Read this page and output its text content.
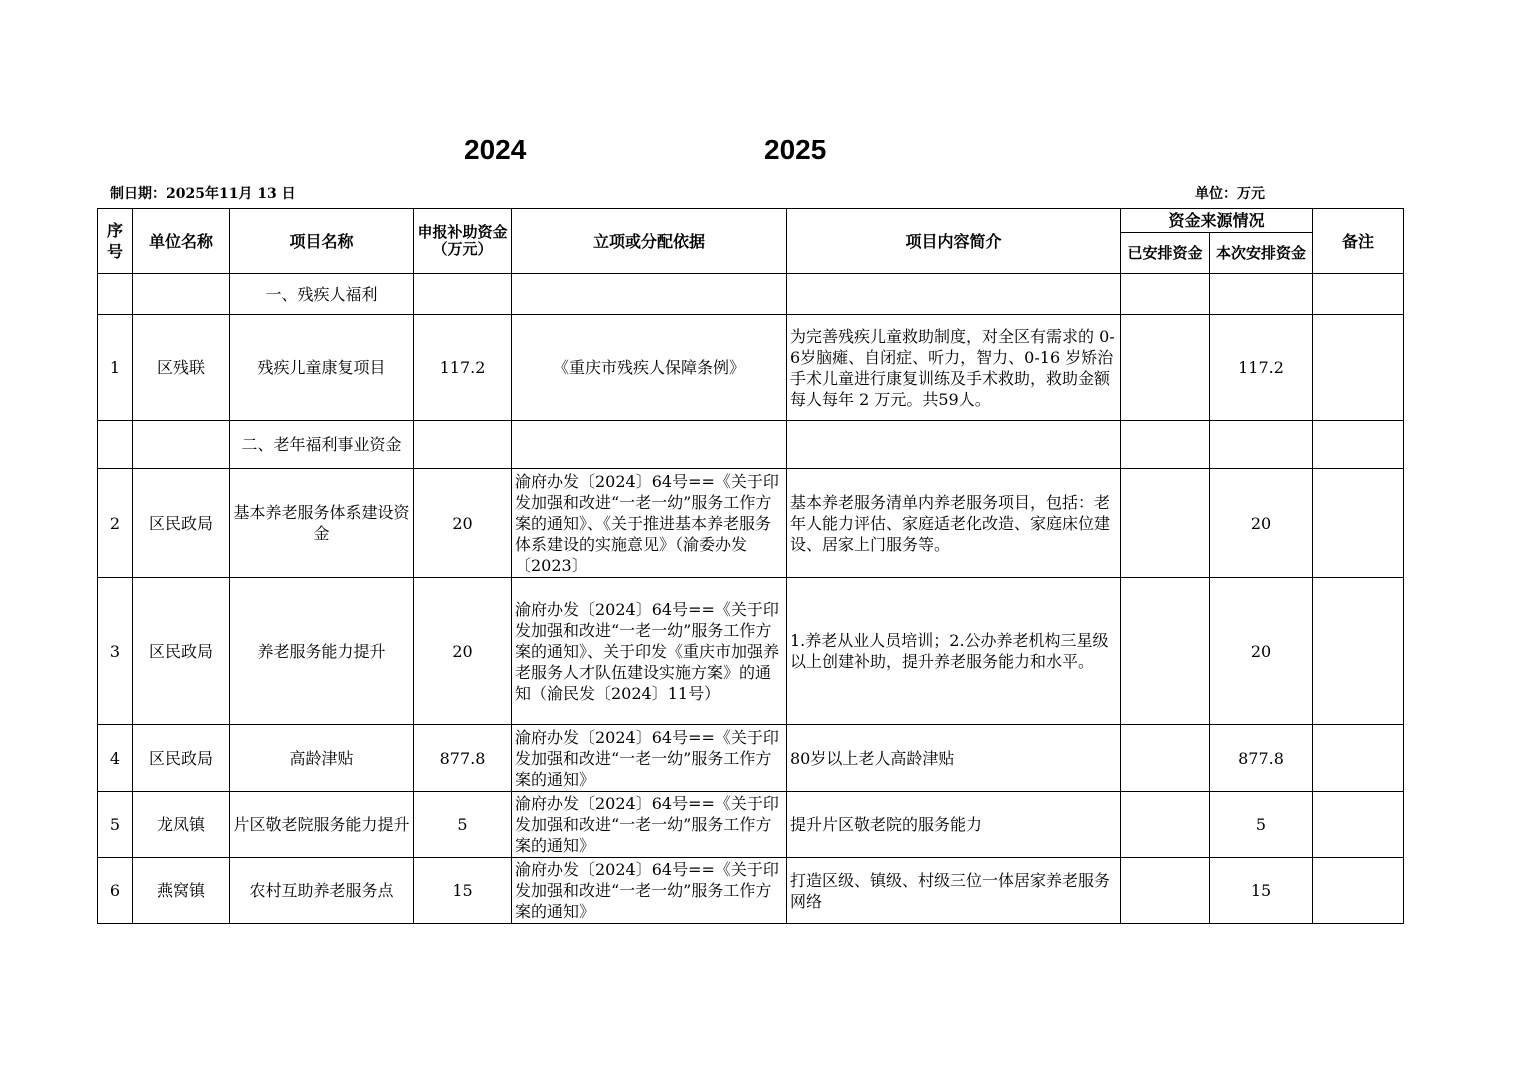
2024	2025
制日期：2025年11月 13 日	单位：万元
序号	单位名称	项目名称	申报补助资金（万元）	立项或分配依据	项目内容简介	资金来源情况		备注
						已安排资金	本次安排资金	
		一、残疾人福利						
1	区残联	残疾儿童康复项目	117.2	《重庆市残疾人保障条例》	为完善残疾儿童救助制度，对全区有需求的 0-6岁脑瘫、自闭症、听力，智力、0-16 岁矫治手术儿童进行康复训练及手术救助，救助金额每人每年 2 万元。共59人。		117.2	
		二、老年福利事业资金						
2	区民政局	基本养老服务体系建设资金	20	渝府办发〔2024〕64号==《关于印发加强和改进“一老一幼”服务工作方案的通知》、《关于推进基本养老服务体系建设的实施意见》（渝委办发〔2023〕	基本养老服务清单内养老服务项目，包括：老年人能力评估、家庭适老化改造、家庭床位建设、居家上门服务等。		20	
3	区民政局	养老服务能力提升	20	渝府办发〔2024〕64号==《关于印发加强和改进“一老一幼”服务工作方案的通知》、关于印发《重庆市加强养老服务人才队伍建设实施方案》的通知（渝民发〔2024〕11号）	1.养老从业人员培训；2.公办养老机构三星级以上创建补助，提升养老服务能力和水平。		20	
4	区民政局	高龄津贴	877.8	渝府办发〔2024〕64号==《关于印发加强和改进“一老一幼”服务工作方案的通知》	80岁以上老人高龄津贴		877.8	
5	龙凤镇	片区敬老院服务能力提升	5	渝府办发〔2024〕64号==《关于印发加强和改进“一老一幼”服务工作方案的通知》	提升片区敬老院的服务能力		5	
6	燕窝镇	农村互助养老服务点	15	渝府办发〔2024〕64号==《关于印发加强和改进“一老一幼”服务工作方案的通知》	打造区级、镇级、村级三位一体居家养老服务网络		15	
